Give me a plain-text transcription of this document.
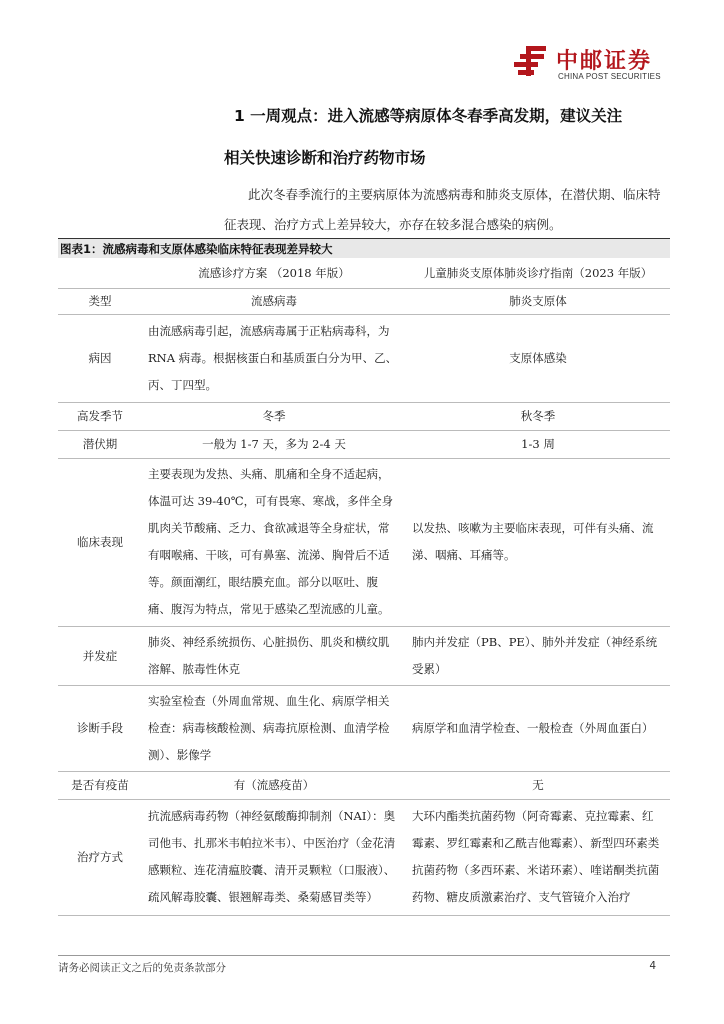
中邮证券
CHINA POST SECURITIES
1 一周观点：进入流感等病原体冬春季高发期，建议关注
相关快速诊断和治疗药物市场
此次冬春季流行的主要病原体为流感病毒和肺炎支原体，在潜伏期、临床特征表现、治疗方式上差异较大，亦存在较多混合感染的病例。
图表1：流感病毒和支原体感染临床特征表现差异较大
	流感诊疗方案 （2018 年版）	儿童肺炎支原体肺炎诊疗指南（2023 年版）
类型	流感病毒	肺炎支原体
病因	由流感病毒引起，流感病毒属于正粘病毒科，为RNA 病毒。根据核蛋白和基质蛋白分为甲、乙、丙、丁四型。	支原体感染
高发季节	冬季	秋冬季
潜伏期	一般为 1-7 天，多为 2-4 天	1-3 周
临床表现	主要表现为发热、头痛、肌痛和全身不适起病，体温可达 39-40℃，可有畏寒、寒战，多伴全身肌肉关节酸痛、乏力、食欲减退等全身症状，常有咽喉痛、干咳，可有鼻塞、流涕、胸骨后不适等。颜面潮红，眼结膜充血。部分以呕吐、腹痛、腹泻为特点，常见于感染乙型流感的儿童。	以发热、咳嗽为主要临床表现，可伴有头痛、流涕、咽痛、耳痛等。
并发症	肺炎、神经系统损伤、心脏损伤、肌炎和横纹肌溶解、脓毒性休克	肺内并发症（PB、PE）、肺外并发症（神经系统受累）
诊断手段	实验室检查（外周血常规、血生化、病原学相关检查：病毒核酸检测、病毒抗原检测、血清学检测）、影像学	病原学和血清学检查、一般检查（外周血蛋白）
是否有疫苗	有（流感疫苗）	无
治疗方式	抗流感病毒药物（神经氨酸酶抑制剂（NAI）：奥司他韦、扎那米韦帕拉米韦）、中医治疗（金花清感颗粒、连花清瘟胶囊、清开灵颗粒（口服液）、疏风解毒胶囊、银翘解毒类、桑菊感冒类等）	大环内酯类抗菌药物（阿奇霉素、克拉霉素、红霉素、罗红霉素和乙酰吉他霉素）、新型四环素类抗菌药物（多西环素、米诺环素）、喹诺酮类抗菌药物、糖皮质激素治疗、支气管镜介入治疗
请务必阅读正文之后的免责条款部分	4
